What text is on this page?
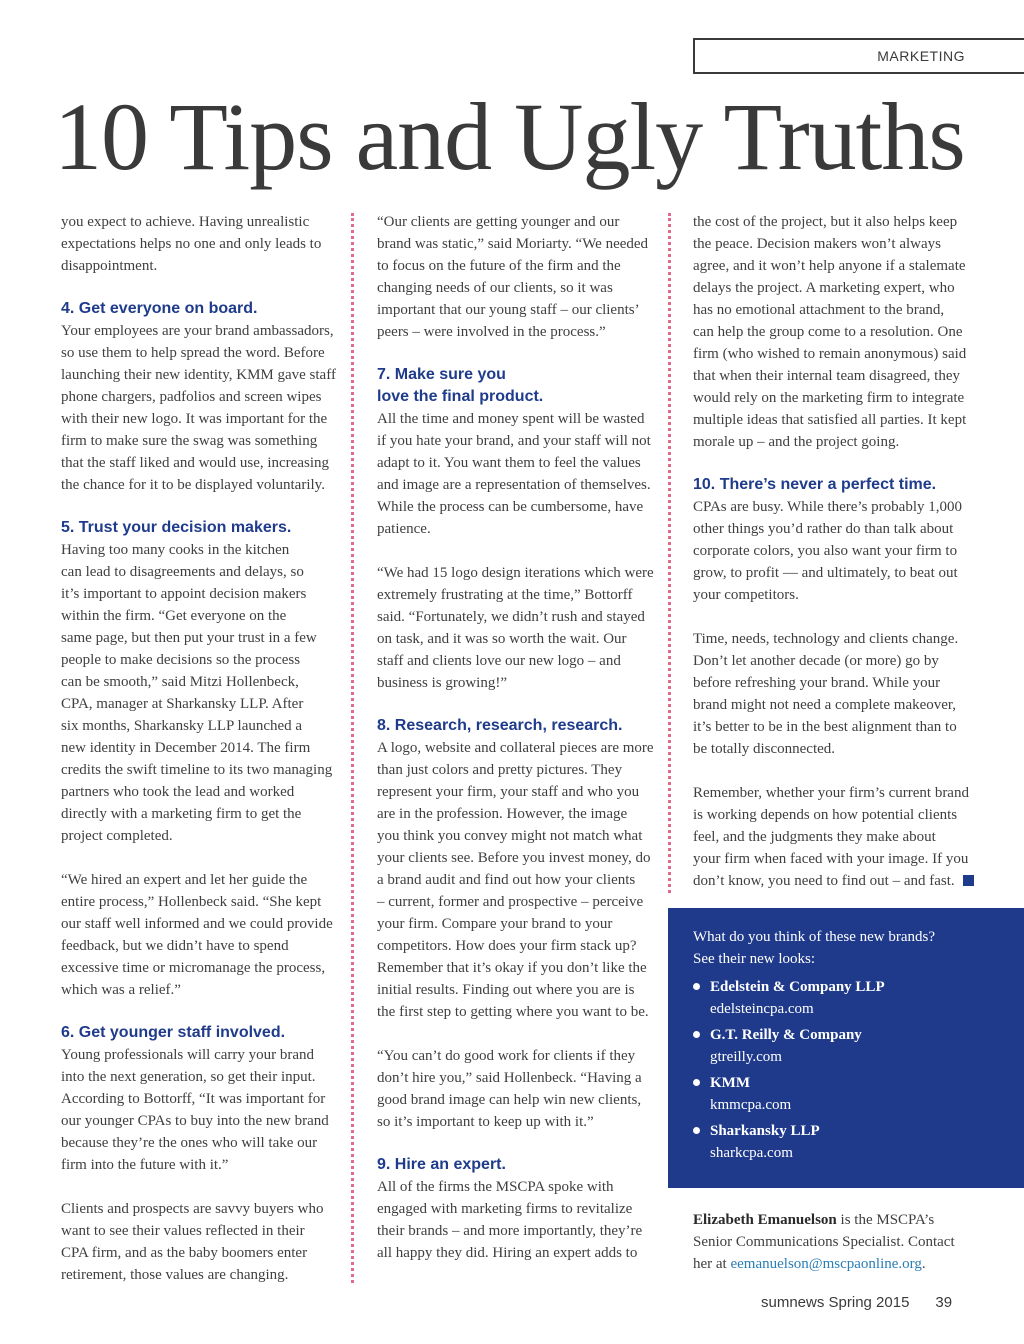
MARKETING
10 Tips and Ugly Truths

you expect to achieve. Having unrealistic
expectations helps no one and only leads to
disappointment.

4. Get everyone on board.

Your employees are your brand ambassadors,
so use them to help spread the word. Before
launching their new identity, KMM gave staff
phone chargers, padfolios and screen wipes
with their new logo. It was important for the
firm to make sure the swag was something
that the staff liked and would use, increasing
the chance for it to be displayed voluntarily.

5. Trust your decision makers.

Having too many cooks in the kitchen
can lead to disagreements and delays, so
it’s important to appoint decision makers
within the firm. “Get everyone on the
same page, but then put your trust in a few
people to make decisions so the process
can be smooth,” said Mitzi Hollenbeck,
CPA, manager at Sharkansky LLP. After
six months, Sharkansky LLP launched a
new identity in December 2014. The firm
credits the swift timeline to its two managing
partners who took the lead and worked
directly with a marketing firm to get the
project completed.

“We hired an expert and let her guide the
entire process,” Hollenbeck said. “She kept
our staff well informed and we could provide
feedback, but we didn’t have to spend
excessive time or micromanage the process,
which was a relief.”

6. Get younger staff involved.

Young professionals will carry your brand
into the next generation, so get their input.
According to Bottorff, “It was important for
our younger CPAs to buy into the new brand
because they’re the ones who will take our
firm into the future with it.”

Clients and prospects are savvy buyers who
want to see their values reflected in their
CPA firm, and as the baby boomers enter
retirement, those values are changing.

“Our clients are getting younger and our
brand was static,” said Moriarty. “We needed
to focus on the future of the firm and the
changing needs of our clients, so it was
important that our young staff – our clients’
peers – were involved in the process.”

7. Make sure you
love the final product.

All the time and money spent will be wasted
if you hate your brand, and your staff will not
adapt to it. You want them to feel the values
and image are a representation of themselves.
While the process can be cumbersome, have
patience.

“We had 15 logo design iterations which were
extremely frustrating at the time,” Bottorff
said. “Fortunately, we didn’t rush and stayed
on task, and it was so worth the wait. Our
staff and clients love our new logo – and
business is growing!”

8. Research, research, research.

A logo, website and collateral pieces are more
than just colors and pretty pictures. They
represent your firm, your staff and who you
are in the profession. However, the image
you think you convey might not match what
your clients see. Before you invest money, do
a brand audit and find out how your clients
– current, former and prospective – perceive
your firm. Compare your brand to your
competitors. How does your firm stack up?
Remember that it’s okay if you don’t like the
initial results. Finding out where you are is
the first step to getting where you want to be.

“You can’t do good work for clients if they
don’t hire you,” said Hollenbeck. “Having a
good brand image can help win new clients,
so it’s important to keep up with it.”

9. Hire an expert.

All of the firms the MSCPA spoke with
engaged with marketing firms to revitalize
their brands – and more importantly, they’re
all happy they did. Hiring an expert adds to

the cost of the project, but it also helps keep
the peace. Decision makers won’t always
agree, and it won’t help anyone if a stalemate
delays the project. A marketing expert, who
has no emotional attachment to the brand,
can help the group come to a resolution. One
firm (who wished to remain anonymous) said
that when their internal team disagreed, they
would rely on the marketing firm to integrate
multiple ideas that satisfied all parties. It kept
morale up – and the project going.

10. There’s never a perfect time.

CPAs are busy. While there’s probably 1,000
other things you’d rather do than talk about
corporate colors, you also want your firm to
grow, to profit — and ultimately, to beat out
your competitors.

Time, needs, technology and clients change.
Don’t let another decade (or more) go by
before refreshing your brand. While your
brand might not need a complete makeover,
it’s better to be in the best alignment than to
be totally disconnected.

Remember, whether your firm’s current brand
is working depends on how potential clients
feel, and the judgments they make about
your firm when faced with your image. If you
don’t know, you need to find out – and fast.

What do you think of these new brands?
See their new looks:
Edelstein & Company LLP
edelsteincpa.com
G.T. Reilly & Company
gtreilly.com
KMM
kmmcpa.com
Sharkansky LLP
sharkcpa.com
Elizabeth Emanuelson is the MSCPA’s
Senior Communications Specialist. Contact
her at eemanuelson@mscpaonline.org.
sumnews Spring 2015 39
